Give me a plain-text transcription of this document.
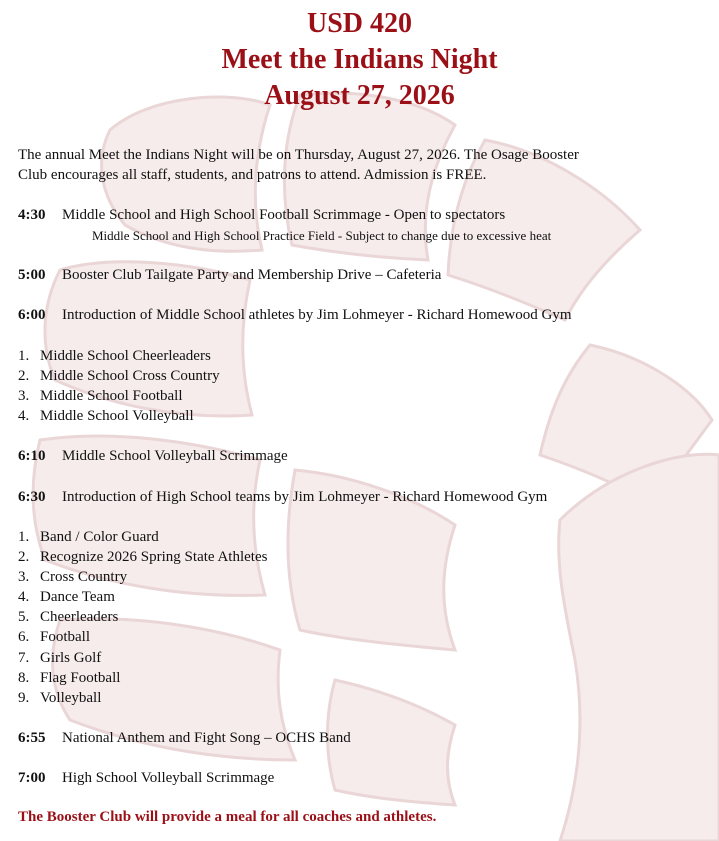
USD 420
Meet the Indians Night
August 27, 2026
The annual Meet the Indians Night will be on Thursday, August 27, 2026. The Osage Booster
Club encourages all staff, students, and patrons to attend. Admission is FREE.
4:30 Middle School and High School Football Scrimmage - Open to spectators
Middle School and High School Practice Field - Subject to change due to excessive heat
5:00 Booster Club Tailgate Party and Membership Drive – Cafeteria
6:00 Introduction of Middle School athletes by Jim Lohmeyer - Richard Homewood Gym
1. Middle School Cheerleaders
2. Middle School Cross Country
3. Middle School Football
4. Middle School Volleyball
6:10 Middle School Volleyball Scrimmage
6:30 Introduction of High School teams by Jim Lohmeyer - Richard Homewood Gym
1. Band / Color Guard
2. Recognize 2026 Spring State Athletes
3. Cross Country
4. Dance Team
5. Cheerleaders
6. Football
7. Girls Golf
8. Flag Football
9. Volleyball
6:55 National Anthem and Fight Song – OCHS Band
7:00 High School Volleyball Scrimmage
The Booster Club will provide a meal for all coaches and athletes.
